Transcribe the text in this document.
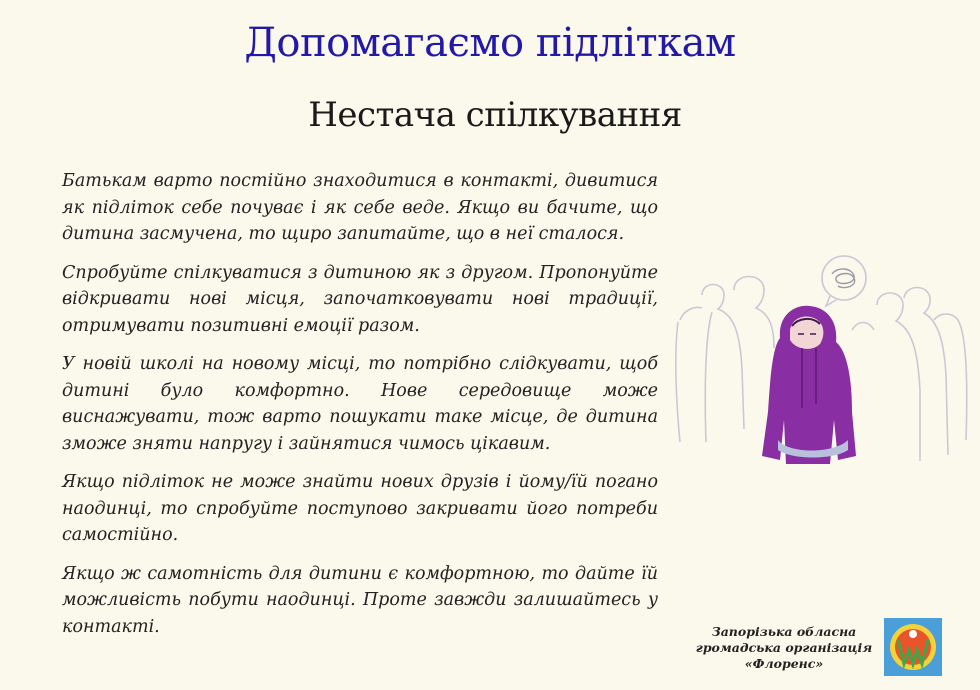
Допомагаємо підліткам
Нестача спілкування

Батькам варто постійно знаходитися в контакті, дивитися як підліток себе почуває і як себе веде. Якщо ви бачите, що дитина засмучена, то щиро запитайте, що в неї сталося.

Спробуйте спілкуватися з дитиною як з другом. Пропонуйте відкривати нові місця, започатковувати нові традиції, отримувати позитивні емоції разом.

У новій школі на новому місці, то потрібно слідкувати, щоб дитині було комфортно. Нове середовище може виснажувати, тож варто пошукати таке місце, де дитина зможе зняти напругу і зайнятися чимось цікавим.

Якщо підліток не може знайти нових друзів і йому/їй погано наодинці, то спробуйте поступово закривати його потреби самостійно.

Якщо ж самотність для дитини є комфортною, то дайте їй можливість побути наодинці. Проте завжди залишайтесь у контакті.	Запорізька обласна
громадська організація
«Флоренс»
